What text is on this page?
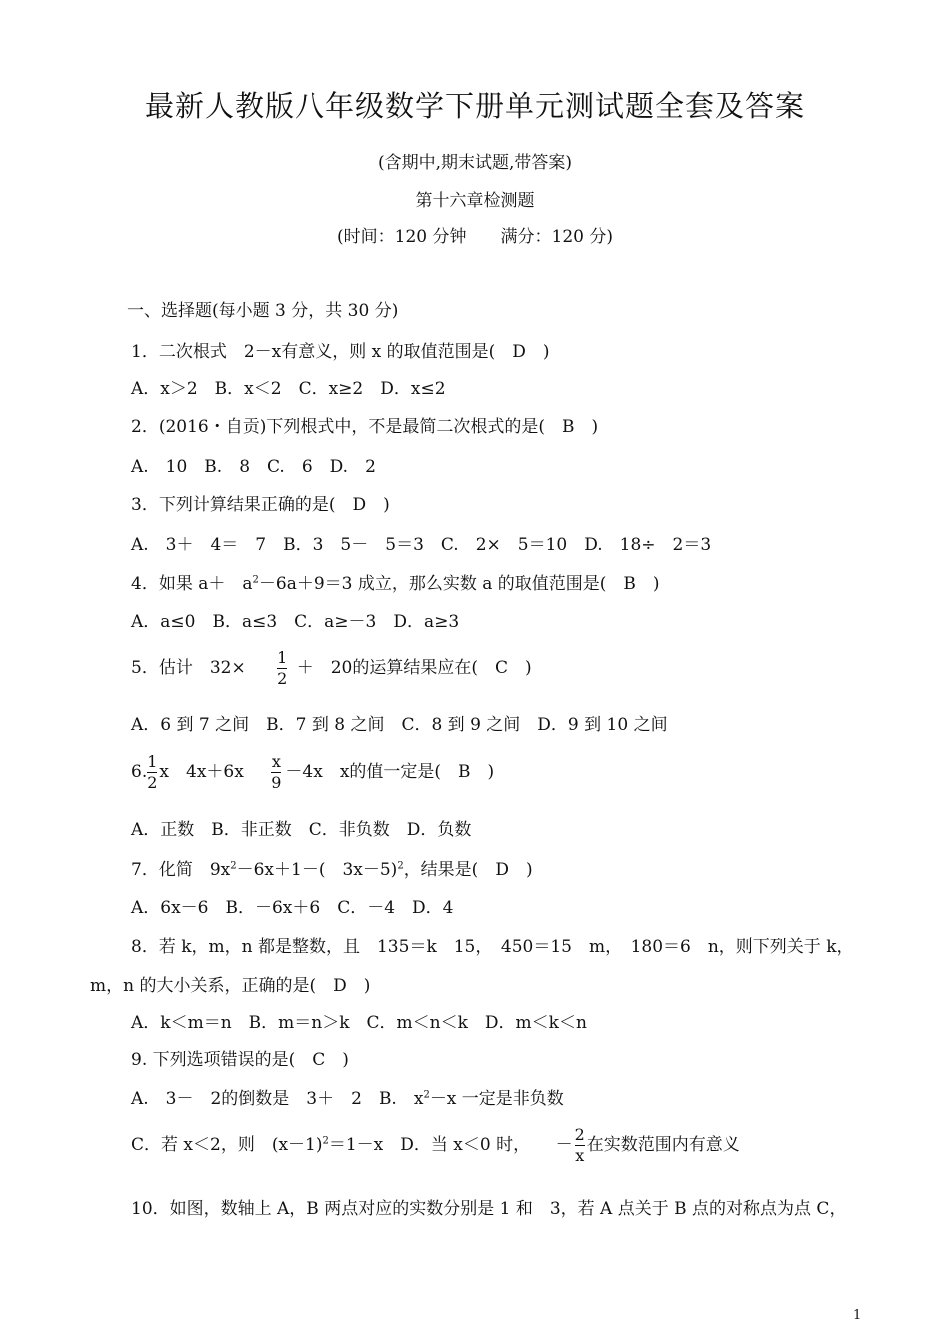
最新人教版八年级数学下册单元测试题全套及答案
(含期中,期末试题,带答案)
第十六章检测题
(时间：120 分钟　　满分：120 分)
一、选择题(每小题 3 分，共 30 分)
1．二次根式　2－x有意义，则 x 的取值范围是(　D　)
A．x＞2　B．x＜2　C．x≥2　D．x≤2
2．(2016・自贡)下列根式中，不是最简二次根式的是(　B　)
A.　10　B.　8　C.　6　D.　2
3．下列计算结果正确的是(　D　)
A.　3＋　4＝　7　B．3　5－　5＝3　C.　2×　5＝10　D.　18÷　2＝3
4．如果 a＋　$a^2-6a+9=3$ 成立，那么实数 a 的取值范围是(　B　)
A．a≤0　B．a≤3　C．a≥－3　D．a≥3
5．估计　$32\times \frac{1}{2}$ ＋　20的运算结果应在(　C　)
A．6 到 7 之间　B．7 到 8 之间　C．8 到 9 之间　D．9 到 10 之间
6. $\frac{1}{2}$ x　$4x+6x \frac{x}{9} -4x$　x的值一定是(　B　)
A．正数　B．非正数　C．非负数　D．负数
7．化简　$9x^2-6x+1-$(　3x－5)$^2$，结果是(　D　)
A．6x－6　B．－6x＋6　C．－4　D．4
8．若 k，m，n 都是整数，且　135＝k　15，　450＝15　m，　180＝6　n，则下列关于 k，
m，n 的大小关系，正确的是(　D　)
A．k＜m＝n　B．m＝n＞k　C．m＜n＜k　D．m＜k＜n
9. 下列选项错误的是(　C　)
A.　3－　2的倒数是　3＋　2　B.　$x^2-x$ 一定是非负数
C．若 x＜2，则　$(x-1)^2=1-x$　D．当 x＜0 时，　　－ $\frac{2}{x}$ 在实数范围内有意义
10．如图，数轴上 A，B 两点对应的实数分别是 1 和　3，若 A 点关于 B 点的对称点为点 C，
1
